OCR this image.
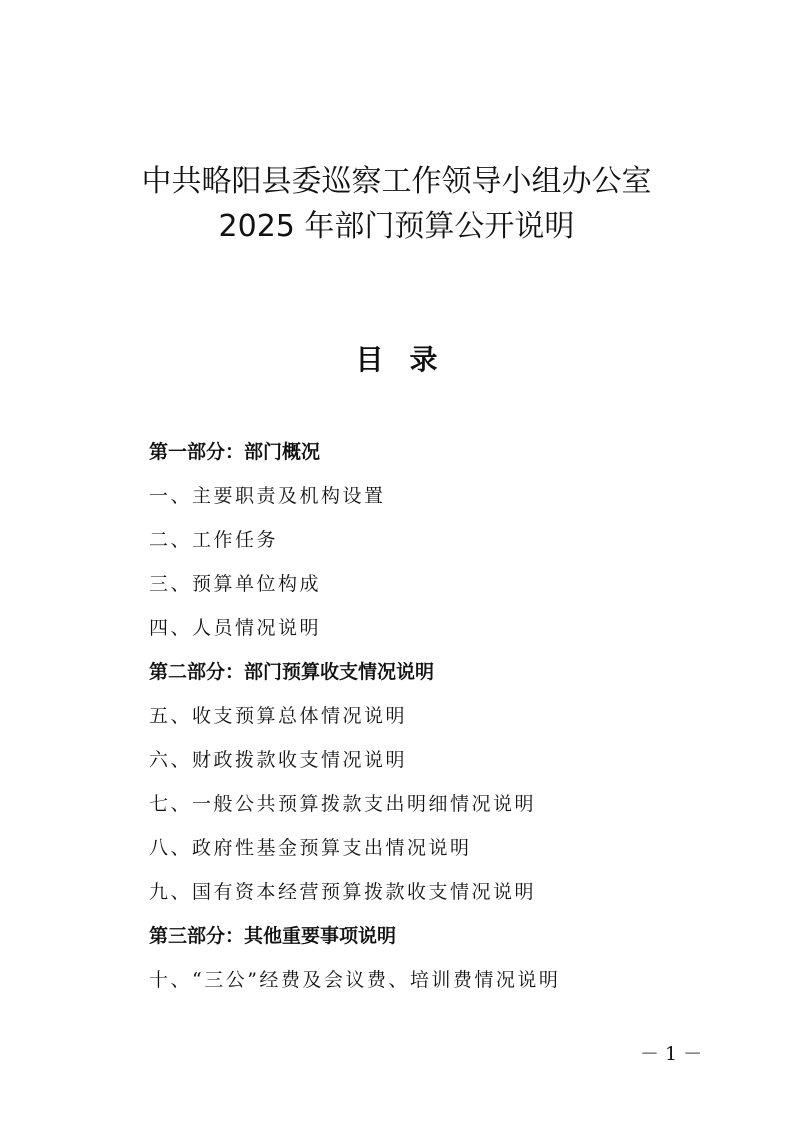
中共略阳县委巡察工作领导小组办公室
2025 年部门预算公开说明
目录
第一部分：部门概况
一、主要职责及机构设置
二、工作任务
三、预算单位构成
四、人员情况说明
第二部分：部门预算收支情况说明
五、收支预算总体情况说明
六、财政拨款收支情况说明
七、一般公共预算拨款支出明细情况说明
八、政府性基金预算支出情况说明
九、国有资本经营预算拨款收支情况说明
第三部分：其他重要事项说明
十、“三公”经费及会议费、培训费情况说明
－ 1 －
